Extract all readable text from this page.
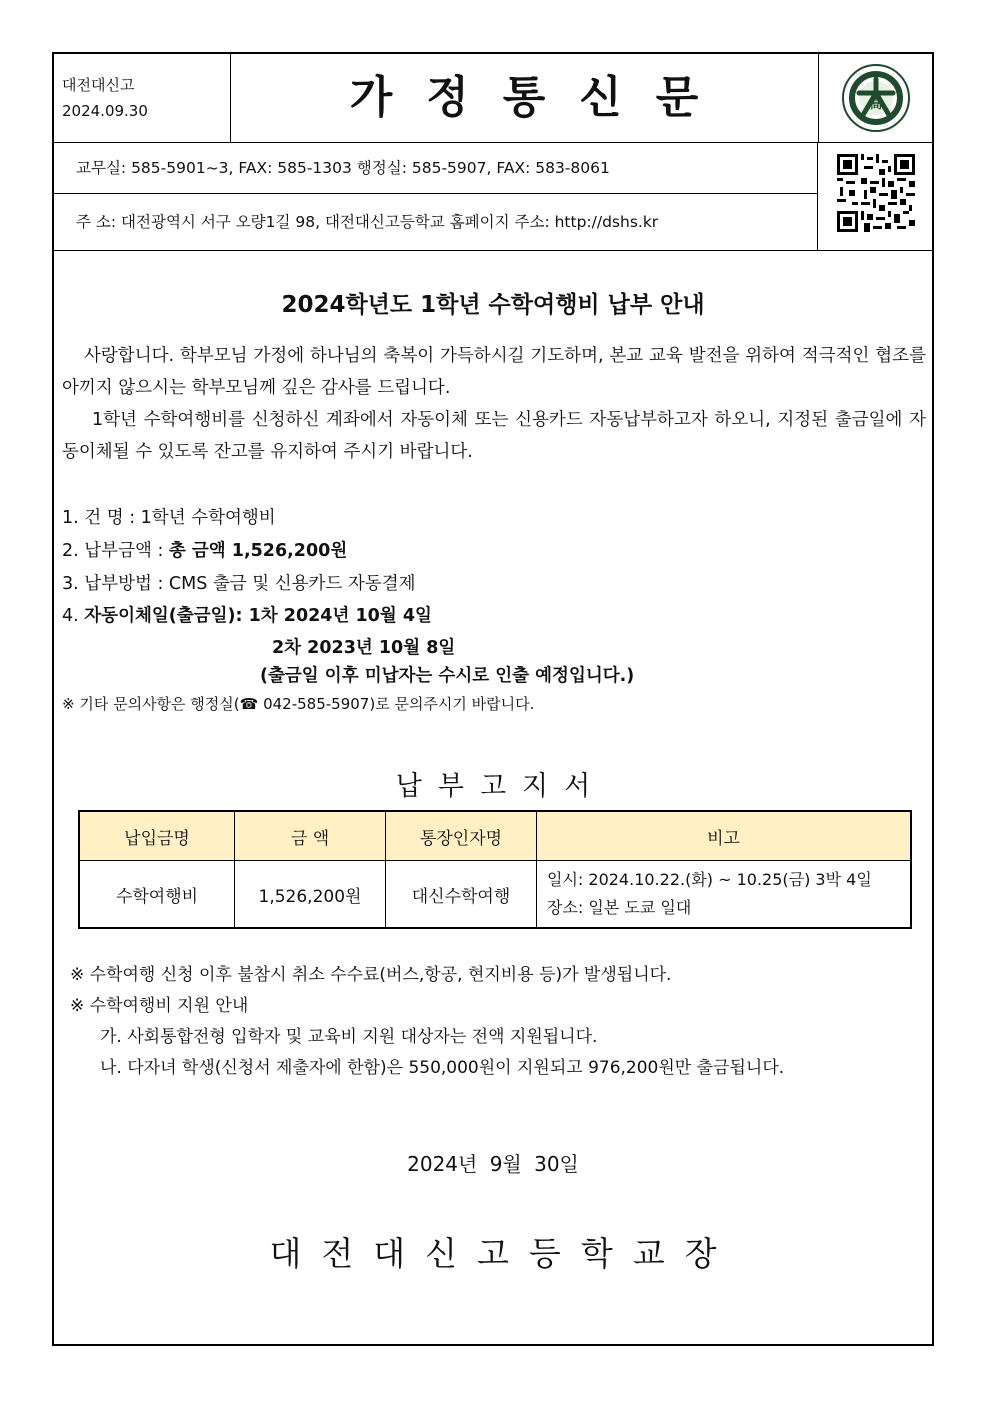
대전대신고
2024.09.30	가정통신문	高
교무실: 585-5901~3, FAX: 585-1303 행정실: 585-5907, FAX: 583-8061
주 소: 대전광역시 서구 오량1길 98, 대전대신고등학교 홈페이지 주소: http://dshs.kr
2024학년도 1학년 수학여행비 납부 안내
사랑합니다. 학부모님 가정에 하나님의 축복이 가득하시길 기도하며, 본교 교육 발전을 위하여 적극적인 협조를 아끼지 않으시는 학부모님께 깊은 감사를 드립니다.
1학년 수학여행비를 신청하신 계좌에서 자동이체 또는 신용카드 자동납부하고자 하오니, 지정된 출금일에 자동이체될 수 있도록 잔고를 유지하여 주시기 바랍니다.
1. 건 명 : 1학년 수학여행비
2. 납부금액 : 총 금액 1,526,200원
3. 납부방법 : CMS 출금 및 신용카드 자동결제
4. 자동이체일(출금일): 1차 2024년 10월 4일
2차 2023년 10월 8일
(출금일 이후 미납자는 수시로 인출 예정입니다.)
※ 기타 문의사항은 행정실(☎ 042-585-5907)로 문의주시기 바랍니다.
납부고지서
납입금명	금 액	통장인자명	비고
수학여행비	1,526,200원	대신수학여행	일시: 2024.10.22.(화) ~ 10.25(금) 3박 4일
장소: 일본 도쿄 일대
※ 수학여행 신청 이후 불참시 취소 수수료(버스,항공, 현지비용 등)가 발생됩니다.
※ 수학여행비 지원 안내
가. 사회통합전형 입학자 및 교육비 지원 대상자는 전액 지원됩니다.
나. 다자녀 학생(신청서 제출자에 한함)은 550,000원이 지원되고 976,200원만 출금됩니다.
2024년 9월 30일
대전대신고등학교장
